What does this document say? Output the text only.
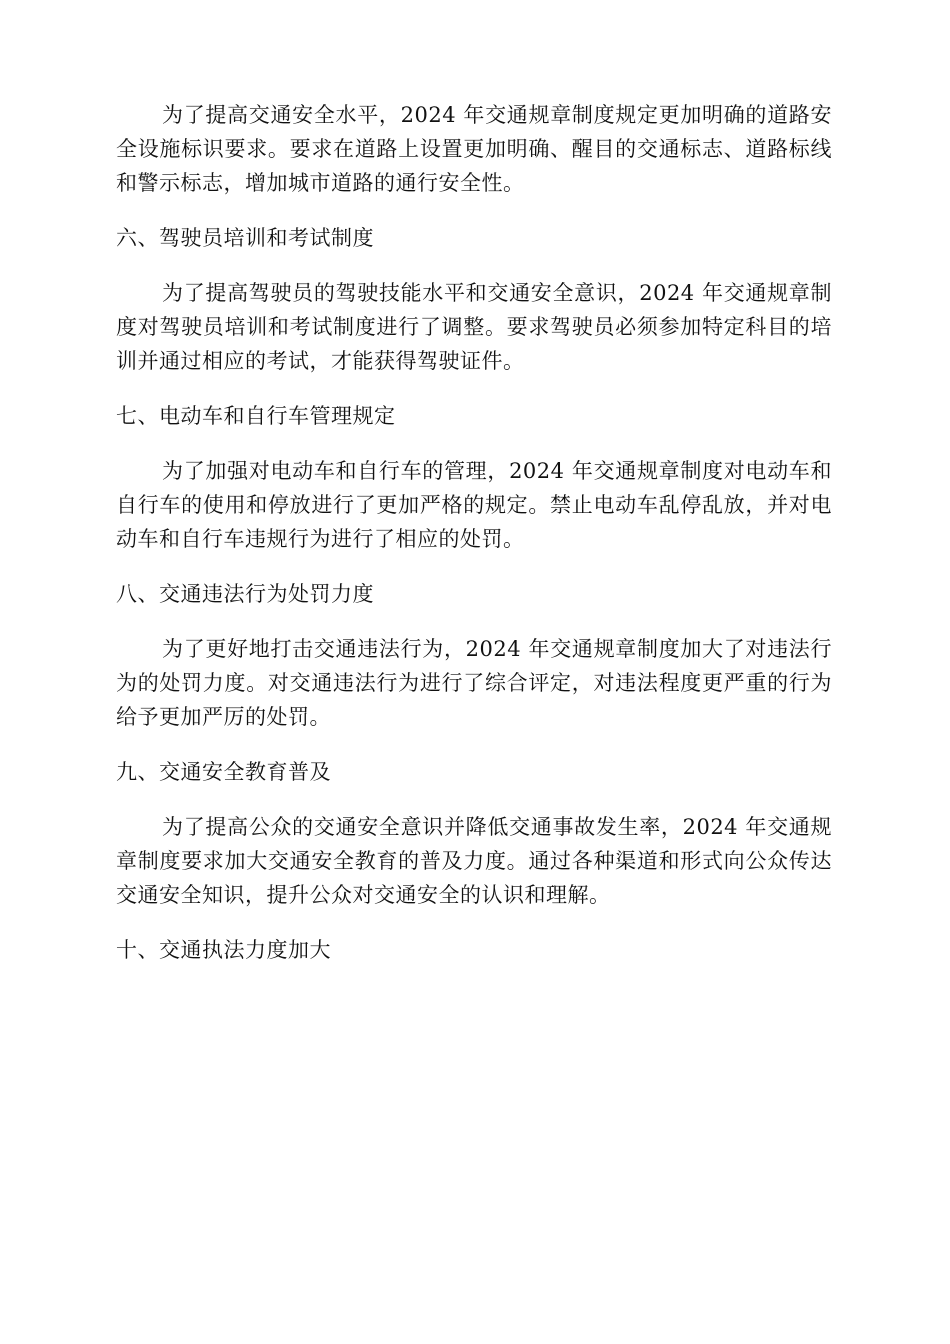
为了提高交通安全水平，2024 年交通规章制度规定更加明确的道路安全设施标识要求。要求在道路上设置更加明确、醒目的交通标志、道路标线和警示标志，增加城市道路的通行安全性。

六、驾驶员培训和考试制度

为了提高驾驶员的驾驶技能水平和交通安全意识，2024 年交通规章制度对驾驶员培训和考试制度进行了调整。要求驾驶员必须参加特定科目的培训并通过相应的考试，才能获得驾驶证件。

七、电动车和自行车管理规定

为了加强对电动车和自行车的管理，2024 年交通规章制度对电动车和自行车的使用和停放进行了更加严格的规定。禁止电动车乱停乱放，并对电动车和自行车违规行为进行了相应的处罚。

八、交通违法行为处罚力度

为了更好地打击交通违法行为，2024 年交通规章制度加大了对违法行为的处罚力度。对交通违法行为进行了综合评定，对违法程度更严重的行为给予更加严厉的处罚。

九、交通安全教育普及

为了提高公众的交通安全意识并降低交通事故发生率，2024 年交通规章制度要求加大交通安全教育的普及力度。通过各种渠道和形式向公众传达交通安全知识，提升公众对交通安全的认识和理解。

十、交通执法力度加大
